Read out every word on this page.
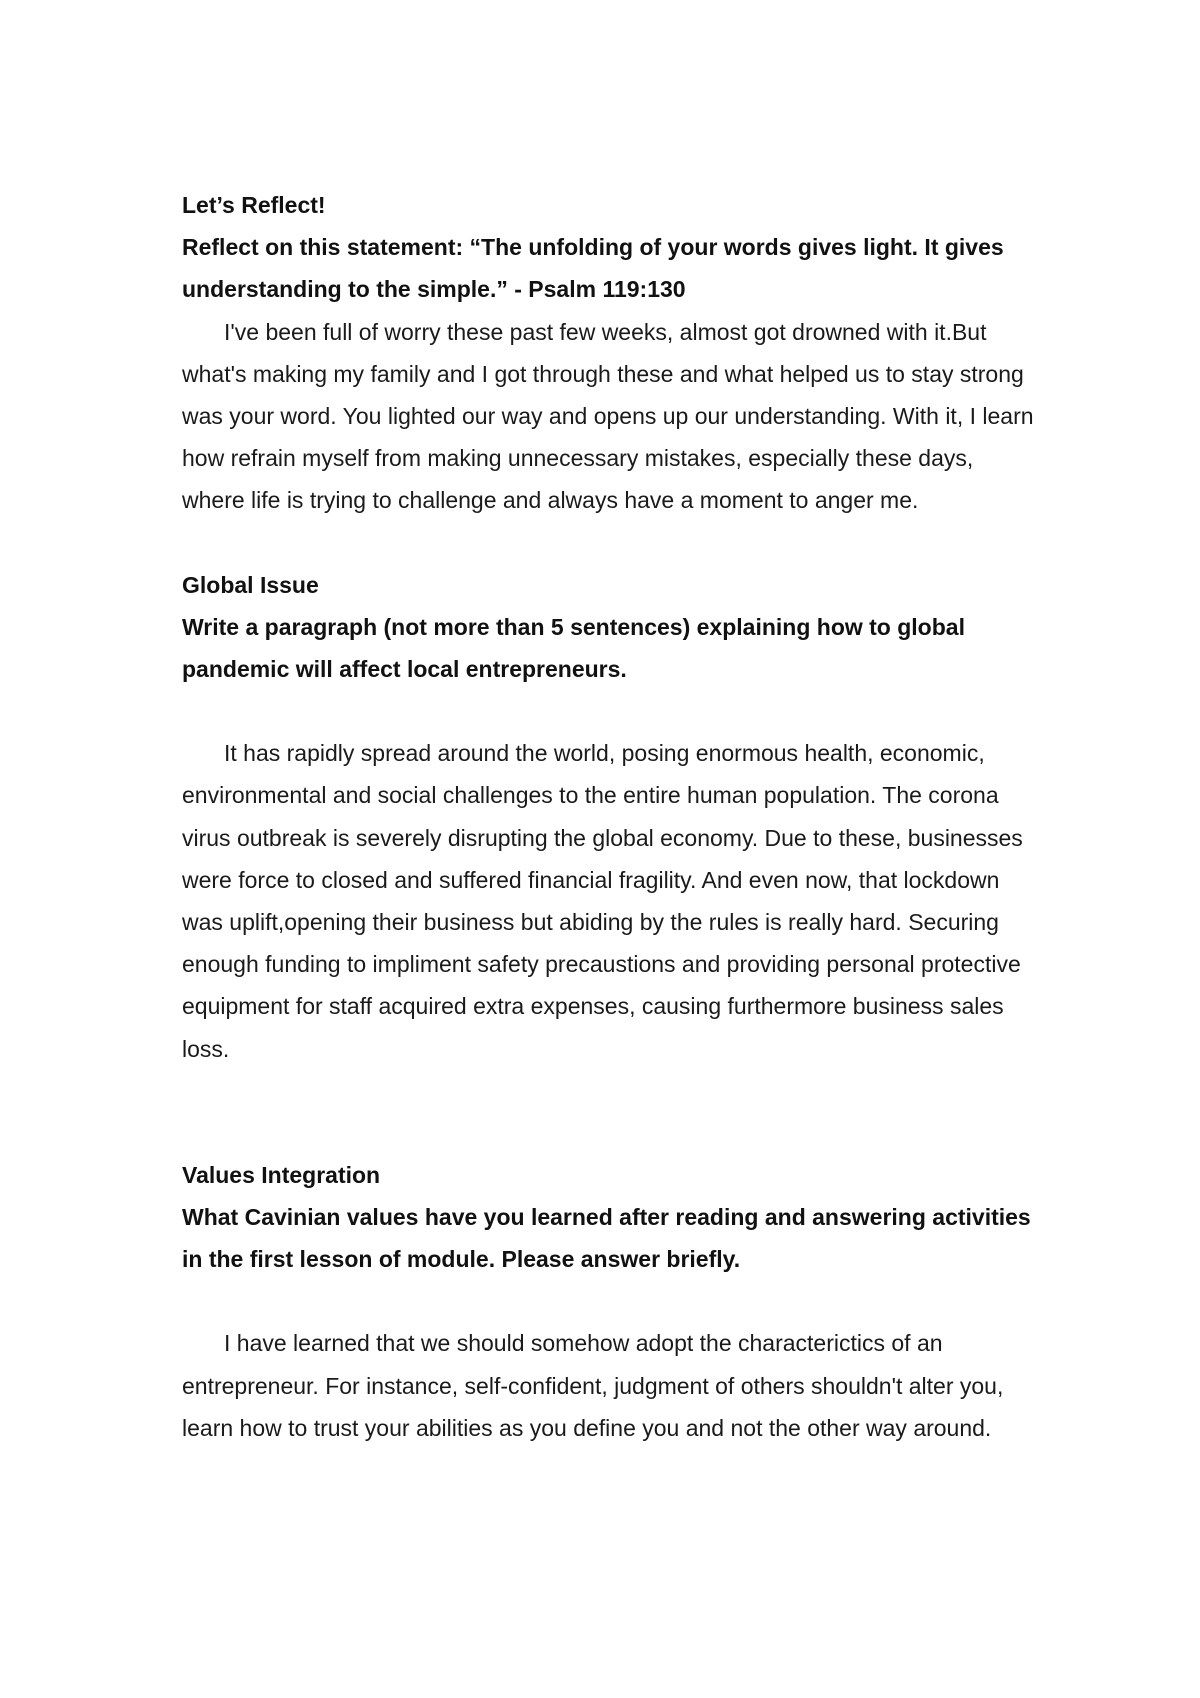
Let’s Reflect!

Reflect on this statement: “The unfolding of your words gives light. It gives understanding to the simple.” - Psalm 119:130

I've been full of worry these past few weeks, almost got drowned with it.But what's making my family and I got through these and what helped us to stay strong was your word. You lighted our way and opens up our understanding. With it, I learn how refrain myself from making unnecessary mistakes, especially these days, where life is trying to challenge and always have a moment to anger me.

Global Issue

Write a paragraph (not more than 5 sentences) explaining how to global pandemic will affect local entrepreneurs.

It has rapidly spread around the world, posing enormous health, economic, environmental and social challenges to the entire human population. The corona virus outbreak is severely disrupting the global economy. Due to these, businesses were force to closed and suffered financial fragility. And even now, that lockdown was uplift,opening their business but abiding by the rules is really hard. Securing enough funding to impliment safety precaustions and providing personal protective equipment for staff acquired extra expenses, causing furthermore business sales loss.

Values Integration

What Cavinian values have you learned after reading and answering activities in the first lesson of module. Please answer briefly.

I have learned that we should somehow adopt the characterictics of an entrepreneur. For instance, self-confident, judgment of others shouldn't alter you, learn how to trust your abilities as you define you and not the other way around.
